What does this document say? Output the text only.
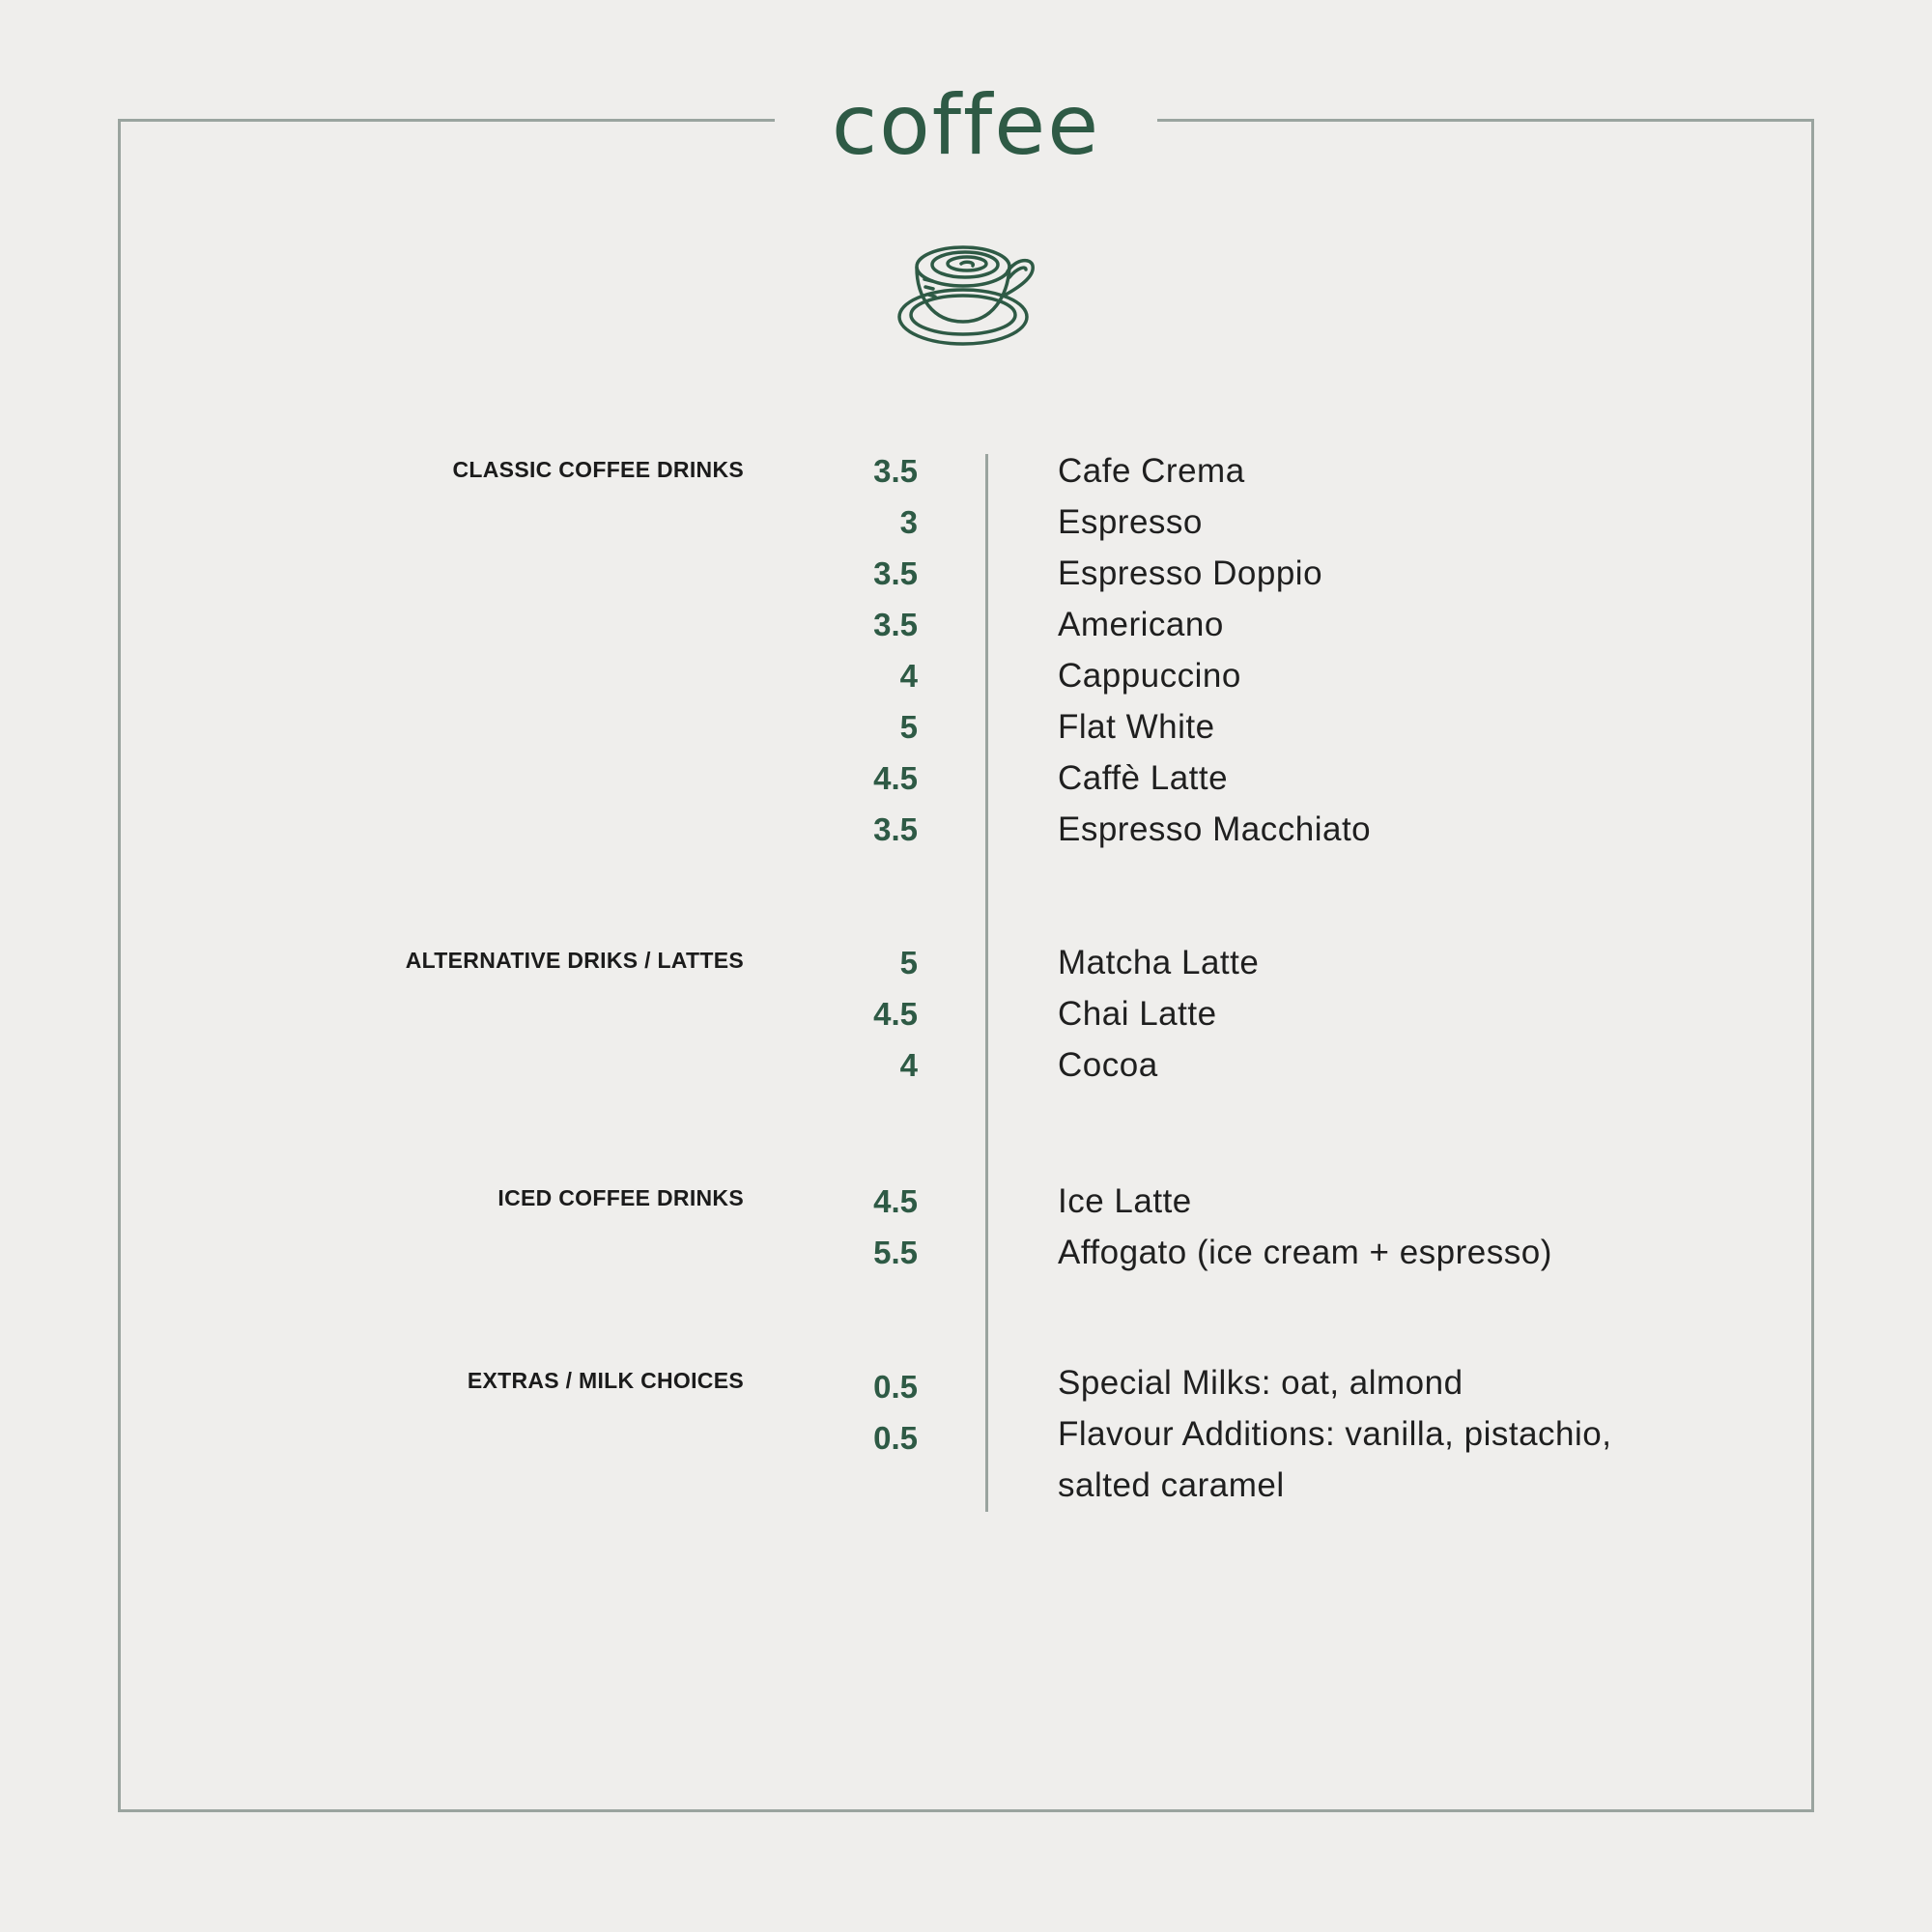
coffee
CLASSIC COFFEE DRINKS	3.5	Cafe Crema
3	Espresso
3.5	Espresso Doppio
3.5	Americano
4	Cappuccino
5	Flat White
4.5	Caffè Latte
3.5	Espresso Macchiato
ALTERNATIVE DRIKS / LATTES	5	Matcha Latte
4.5	Chai Latte
4	Cocoa
ICED COFFEE DRINKS	4.5	Ice Latte
5.5	Affogato (ice cream + espresso)
EXTRAS / MILK CHOICES	0.5	Special Milks: oat, almond
0.5	Flavour Additions: vanilla, pistachio,
salted caramel
